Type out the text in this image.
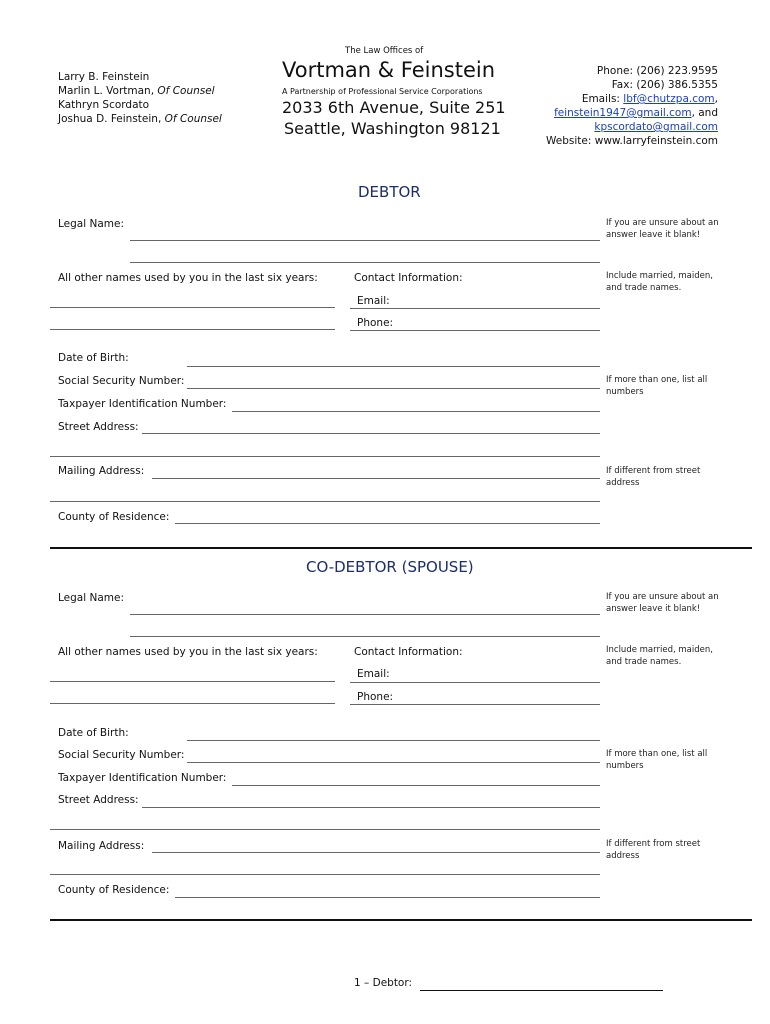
The Law Offices of
Larry B. Feinstein
Marlin L. Vortman, Of Counsel
Kathryn Scordato
Joshua D. Feinstein, Of Counsel
Vortman & Feinstein
A Partnership of Professional Service Corporations
2033 6th Avenue, Suite 251
Seattle, Washington 98121
Phone: (206) 223.9595
Fax: (206) 386.5355
Emails: lbf@chutzpa.com,
feinstein1947@gmail.com, and
kpscordato@gmail.com
Website: www.larryfeinstein.com
DEBTOR
Legal Name:	If you are unsure about an answer leave it blank!
All other names used by you in the last six years:	Contact Information:
Email:
Phone:
Include married, maiden, and trade names.
Date of Birth:
Social Security Number:	If more than one, list all numbers
Taxpayer Identification Number:
Street Address:
Mailing Address:	If different from street address
County of Residence:
CO-DEBTOR (SPOUSE)
Legal Name:	If you are unsure about an answer leave it blank!
All other names used by you in the last six years:	Contact Information:
Email:
Phone:
Include married, maiden, and trade names.
Date of Birth:
Social Security Number:	If more than one, list all numbers
Taxpayer Identification Number:
Street Address:
Mailing Address:	If different from street address
County of Residence:
1 – Debtor:
